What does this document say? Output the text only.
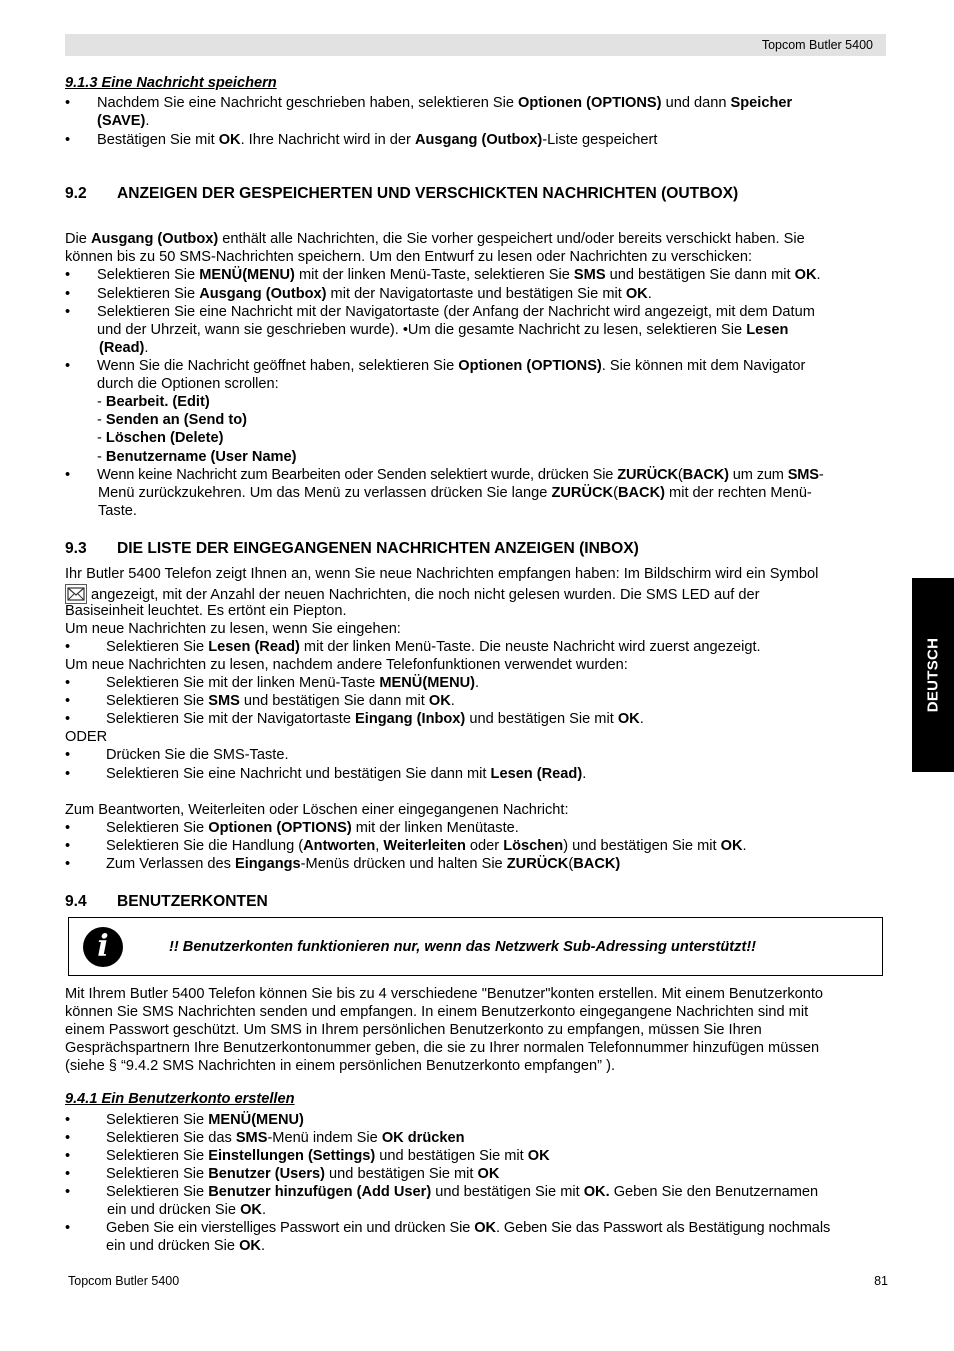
Topcom Butler 5400
DEUTSCH
9.1.3 Eine Nachricht speichern
• Nachdem Sie eine Nachricht geschrieben haben, selektieren Sie Optionen (OPTIONS) und dann Speicher
(SAVE).
• Bestätigen Sie mit OK. Ihre Nachricht wird in der Ausgang (Outbox)-Liste gespeichert
9.2 ANZEIGEN DER GESPEICHERTEN UND VERSCHICKTEN NACHRICHTEN (OUTBOX)
Die Ausgang (Outbox) enthält alle Nachrichten, die Sie vorher gespeichert und/oder bereits verschickt haben. Sie
können bis zu 50 SMS-Nachrichten speichern. Um den Entwurf zu lesen oder Nachrichten zu verschicken:
• Selektieren Sie MENÜ(MENU) mit der linken Menü-Taste, selektieren Sie SMS und bestätigen Sie dann mit OK.
• Selektieren Sie Ausgang (Outbox) mit der Navigatortaste und bestätigen Sie mit OK.
• Selektieren Sie eine Nachricht mit der Navigatortaste (der Anfang der Nachricht wird angezeigt, mit dem Datum
und der Uhrzeit, wann sie geschrieben wurde). •Um die gesamte Nachricht zu lesen, selektieren Sie Lesen
(Read).
• Wenn Sie die Nachricht geöffnet haben, selektieren Sie Optionen (OPTIONS). Sie können mit dem Navigator
durch die Optionen scrollen:
- Bearbeit. (Edit)
- Senden an (Send to)
- Löschen (Delete)
- Benutzername (User Name)
• Wenn keine Nachricht zum Bearbeiten oder Senden selektiert wurde, drücken Sie ZURÜCK(BACK) um zum SMS-
Menü zurückzukehren. Um das Menü zu verlassen drücken Sie lange ZURÜCK(BACK) mit der rechten Menü-
Taste.
9.3 DIE LISTE DER EINGEGANGENEN NACHRICHTEN ANZEIGEN (INBOX)
Ihr Butler 5400 Telefon zeigt Ihnen an, wenn Sie neue Nachrichten empfangen haben: Im Bildschirm wird ein Symbol
angezeigt, mit der Anzahl der neuen Nachrichten, die noch nicht gelesen wurden. Die SMS LED auf der
Basiseinheit leuchtet. Es ertönt ein Piepton.
Um neue Nachrichten zu lesen, wenn Sie eingehen:
• Selektieren Sie Lesen (Read) mit der linken Menü-Taste. Die neuste Nachricht wird zuerst angezeigt.
Um neue Nachrichten zu lesen, nachdem andere Telefonfunktionen verwendet wurden:
• Selektieren Sie mit der linken Menü-Taste MENÜ(MENU).
• Selektieren Sie SMS und bestätigen Sie dann mit OK.
• Selektieren Sie mit der Navigatortaste Eingang (Inbox) und bestätigen Sie mit OK.
ODER
• Drücken Sie die SMS-Taste.
• Selektieren Sie eine Nachricht und bestätigen Sie dann mit Lesen (Read).
Zum Beantworten, Weiterleiten oder Löschen einer eingegangenen Nachricht:
• Selektieren Sie Optionen (OPTIONS) mit der linken Menütaste.
• Selektieren Sie die Handlung (Antworten, Weiterleiten oder Löschen) und bestätigen Sie mit OK.
• Zum Verlassen des Eingangs-Menüs drücken und halten Sie ZURÜCK(BACK)
9.4 BENUTZERKONTEN
i	!! Benutzerkonten funktionieren nur, wenn das Netzwerk Sub-Adressing unterstützt!!
Mit Ihrem Butler 5400 Telefon können Sie bis zu 4 verschiedene "Benutzer"konten erstellen. Mit einem Benutzerkonto
können Sie SMS Nachrichten senden und empfangen. In einem Benutzerkonto eingegangene Nachrichten sind mit
einem Passwort geschützt. Um SMS in Ihrem persönlichen Benutzerkonto zu empfangen, müssen Sie Ihren
Gesprächspartnern Ihre Benutzerkontonummer geben, die sie zu Ihrer normalen Telefonnummer hinzufügen müssen
(siehe § “9.4.2 SMS Nachrichten in einem persönlichen Benutzerkonto empfangen” ).
9.4.1 Ein Benutzerkonto erstellen
• Selektieren Sie MENÜ(MENU)
• Selektieren Sie das SMS-Menü indem Sie OK drücken
• Selektieren Sie Einstellungen (Settings) und bestätigen Sie mit OK
• Selektieren Sie Benutzer (Users) und bestätigen Sie mit OK
• Selektieren Sie Benutzer hinzufügen (Add User) und bestätigen Sie mit OK. Geben Sie den Benutzernamen
ein und drücken Sie OK.
• Geben Sie ein vierstelliges Passwort ein und drücken Sie OK. Geben Sie das Passwort als Bestätigung nochmals
ein und drücken Sie OK.
Topcom Butler 5400	81
